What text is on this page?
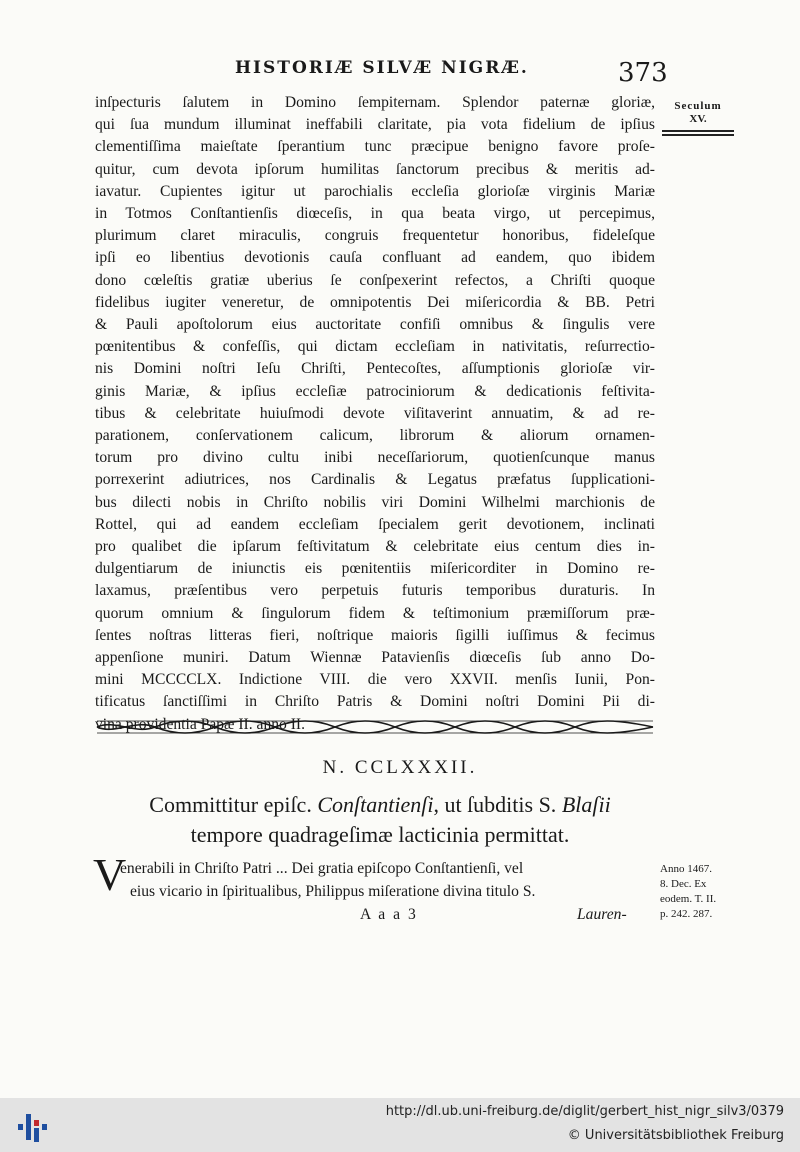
HISTORIÆ SILVÆ NIGRÆ.	373
Seculum
XV.
inſpecturis ſalutem in Domino ſempiternam. Splendor paternæ gloriæ,
qui ſua mundum illuminat ineffabili claritate, pia vota fidelium de ipſius
clementiſſima maieſtate ſperantium tunc præcipue benigno favore proſe-
quitur, cum devota ipſorum humilitas ſanctorum precibus & meritis ad-
iavatur. Cupientes igitur ut parochialis eccleſia glorioſæ virginis Mariæ
in Totmos Conſtantienſis diœceſis, in qua beata virgo, ut percepimus,
plurimum claret miraculis, congruis frequentetur honoribus, fideleſque
ipſi eo libentius devotionis cauſa confluant ad eandem, quo ibidem
dono cœleſtis gratiæ uberius ſe conſpexerint refectos, a Chriſti quoque
fidelibus iugiter veneretur, de omnipotentis Dei miſericordia & BB. Petri
& Pauli apoſtolorum eius auctoritate confiſi omnibus & ſingulis vere
pœnitentibus & confeſſis, qui dictam eccleſiam in nativitatis, reſurrectio-
nis Domini noſtri Ieſu Chriſti, Pentecoſtes, aſſumptionis glorioſæ vir-
ginis Mariæ, & ipſius eccleſiæ patrociniorum & dedicationis feſtivita-
tibus & celebritate huiuſmodi devote viſitaverint annuatim, & ad re-
parationem, conſervationem calicum, librorum & aliorum ornamen-
torum pro divino cultu inibi neceſſariorum, quotienſcunque manus
porrexerint adiutrices, nos Cardinalis & Legatus præfatus ſupplicationi-
bus dilecti nobis in Chriſto nobilis viri Domini Wilhelmi marchionis de
Rottel, qui ad eandem eccleſiam ſpecialem gerit devotionem, inclinati
pro qualibet die ipſarum feſtivitatum & celebritate eius centum dies in-
dulgentiarum de iniunctis eis pœnitentiis miſericorditer in Domino re-
laxamus, præſentibus vero perpetuis futuris temporibus duraturis. In
quorum omnium & ſingulorum fidem & teſtimonium præmiſſorum præ-
ſentes noſtras litteras fieri, noſtrique maioris ſigilli iuſſimus & fecimus
appenſione muniri. Datum Wiennæ Patavienſis diœceſis ſub anno Do-
mini MCCCCLX. Indictione VIII. die vero XXVII. menſis Iunii, Pon-
tificatus ſanctiſſimi in Chriſto Patris & Domini noſtri Domini Pii di-
vina providentia Papæ II. anno II.
N. CCLXXXII.
Committitur epiſc. Conſtantienſi, ut ſubditis S. Blaſii
tempore quadrageſimæ lacticinia permittat.
V
enerabili in Chriſto Patri ... Dei gratia epiſcopo Conſtantienſi, vel
eius vicario in ſpiritualibus, Philippus miſeratione divina titulo S.
A a a 3	Lauren-
Anno 1467.
8. Dec. Ex
eodem. T. II.
p. 242. 287.
http://dl.ub.uni-freiburg.de/diglit/gerbert_hist_nigr_silv3/0379
© Universitätsbibliothek Freiburg
